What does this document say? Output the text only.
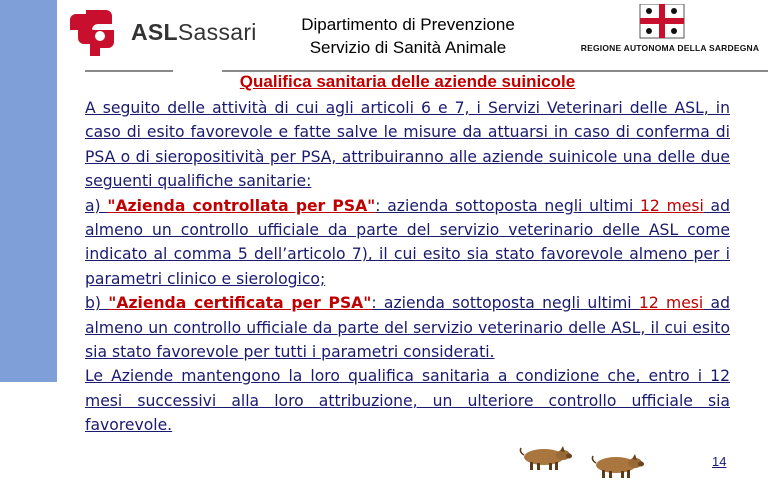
ASLSassari	Dipartimento di Prevenzione
Servizio di Sanità Animale	REGIONE AUTONOMA DELLA SARDEGNA
Qualifica sanitaria delle aziende suinicole

A seguito delle attività di cui agli articoli 6 e 7, i Servizi Veterinari delle ASL, in caso di esito favorevole e fatte salve le misure da attuarsi in caso di conferma di PSA o di sieropositività per PSA, attribuiranno alle aziende suinicole una delle due seguenti qualifiche sanitarie:

a) "Azienda controllata per PSA": azienda sottoposta negli ultimi 12 mesi ad almeno un controllo ufficiale da parte del servizio veterinario delle ASL come indicato al comma 5 dell’articolo 7), il cui esito sia stato favorevole almeno per i parametri clinico e sierologico;

b) "Azienda certificata per PSA": azienda sottoposta negli ultimi 12 mesi ad almeno un controllo ufficiale da parte del servizio veterinario delle ASL, il cui esito sia stato favorevole per tutti i parametri considerati.

Le Aziende mantengono la loro qualifica sanitaria a condizione che, entro i 12 mesi successivi alla loro attribuzione, un ulteriore controllo ufficiale sia favorevole.

14
